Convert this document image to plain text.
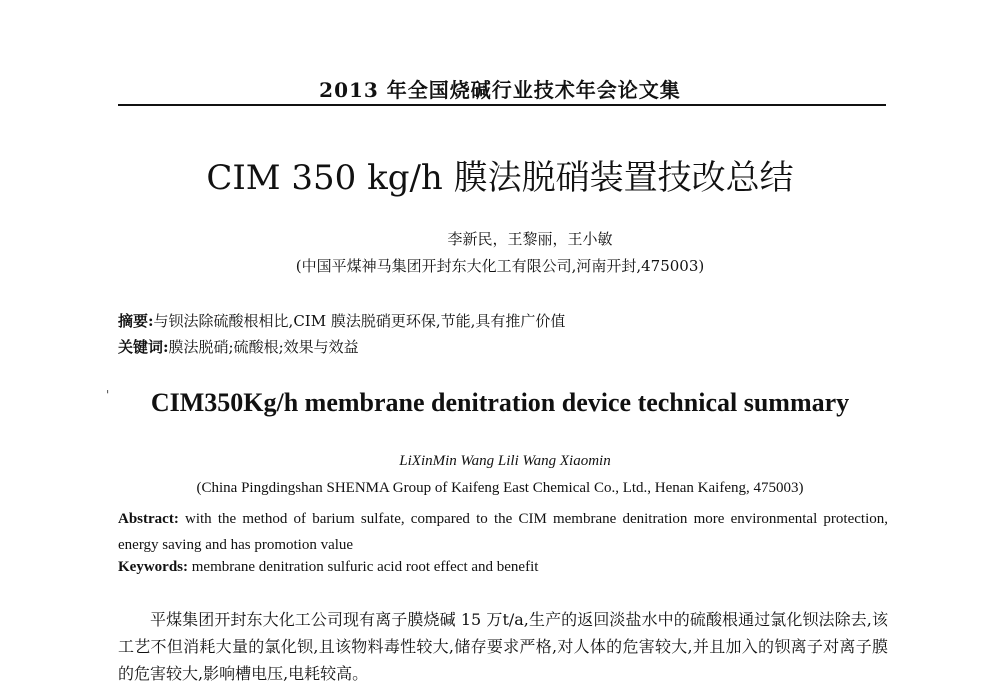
2013 年全国烧碱行业技术年会论文集
CIM 350 kg/h 膜法脱硝装置技改总结
李新民，王黎丽，王小敏
(中国平煤神马集团开封东大化工有限公司,河南开封,475003)
摘要:与钡法除硫酸根相比,CIM 膜法脱硝更环保,节能,具有推广价值
关键词:膜法脱硝;硫酸根;效果与效益
'	CIM350Kg/h membrane denitration device technical summary
LiXinMin Wang Lili Wang Xiaomin
(China Pingdingshan SHENMA Group of Kaifeng East Chemical Co., Ltd., Henan Kaifeng, 475003)
Abstract: with the method of barium sulfate, compared to the CIM membrane denitration more environmental protection, energy saving and has promotion value
Keywords: membrane denitration sulfuric acid root effect and benefit
平煤集团开封东大化工公司现有离子膜烧碱 15 万t/a,生产的返回淡盐水中的硫酸根通过氯化钡法除去,该工艺不但消耗大量的氯化钡,且该物料毒性较大,储存要求严格,对人体的危害较大,并且加入的钡离子对离子膜的危害较大,影响槽电压,电耗较高。
